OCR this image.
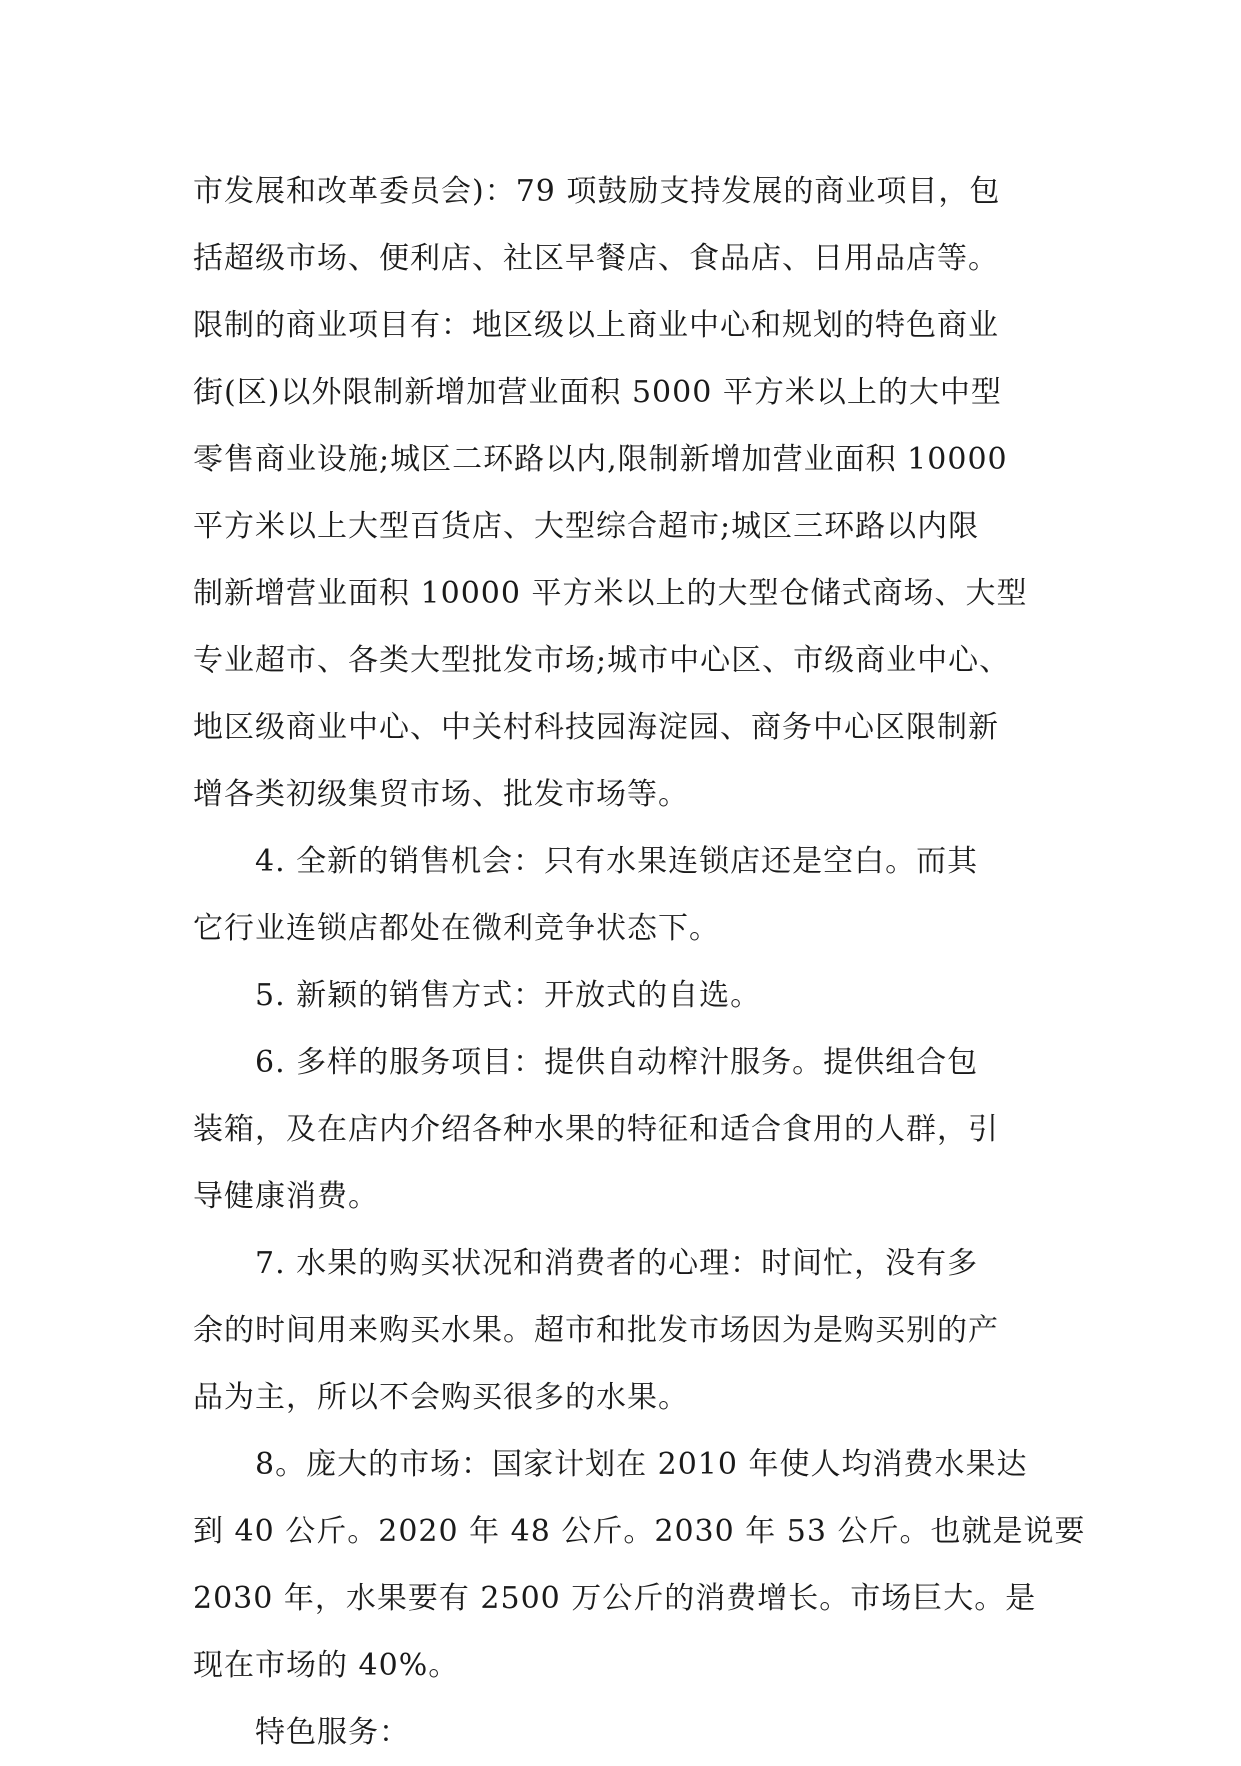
市发展和改革委员会)：79 项鼓励支持发展的商业项目，包
括超级市场、便利店、社区早餐店、食品店、日用品店等。
限制的商业项目有：地区级以上商业中心和规划的特色商业
街(区)以外限制新增加营业面积 5000 平方米以上的大中型
零售商业设施;城区二环路以内,限制新增加营业面积 10000
平方米以上大型百货店、大型综合超市;城区三环路以内限
制新增营业面积 10000 平方米以上的大型仓储式商场、大型
专业超市、各类大型批发市场;城市中心区、市级商业中心、
地区级商业中心、中关村科技园海淀园、商务中心区限制新
增各类初级集贸市场、批发市场等。
4. 全新的销售机会：只有水果连锁店还是空白。而其
它行业连锁店都处在微利竞争状态下。
5. 新颖的销售方式：开放式的自选。
6. 多样的服务项目：提供自动榨汁服务。提供组合包
装箱，及在店内介绍各种水果的特征和适合食用的人群，引
导健康消费。
7. 水果的购买状况和消费者的心理：时间忙，没有多
余的时间用来购买水果。超市和批发市场因为是购买别的产
品为主，所以不会购买很多的水果。
8。庞大的市场：国家计划在 2010 年使人均消费水果达
到 40 公斤。2020 年 48 公斤。2030 年 53 公斤。也就是说要
2030 年，水果要有 2500 万公斤的消费增长。市场巨大。是
现在市场的 40%。
特色服务：
